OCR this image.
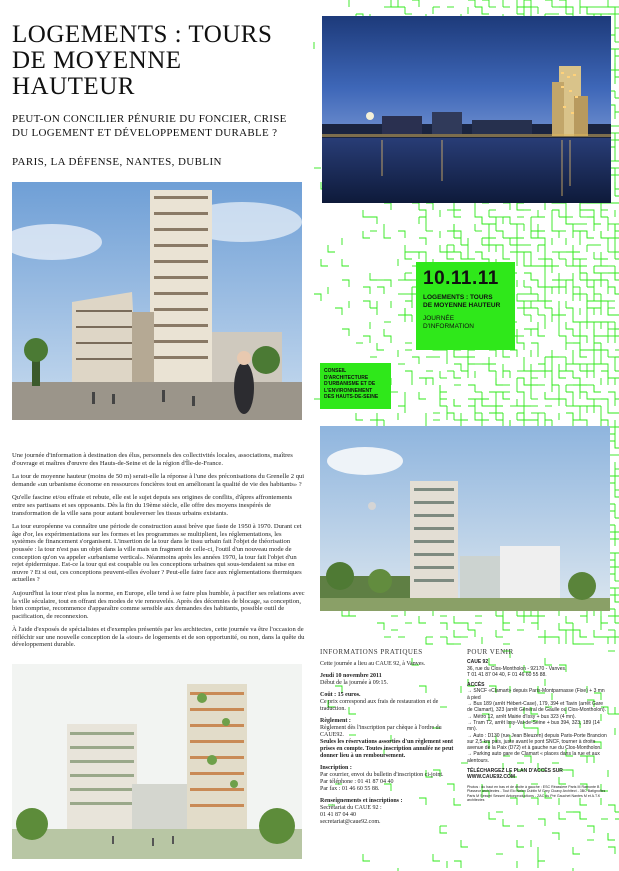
LOGEMENTS : TOURS
DE MOYENNE
HAUTEUR
PEUT-ON CONCILIER PÉNURIE DU FONCIER, CRISE
DU LOGEMENT ET DÉVELOPPEMENT DURABLE ?
PARIS, LA DÉFENSE, NANTES, DUBLIN
10.11.11
LOGEMENTS : TOURS
DE MOYENNE HAUTEUR
JOURNÉE
D'INFORMATION
CONSEIL D'ARCHITECTURE
D'URBANISME ET DE
L'ENVIRONNEMENT
DES HAUTS-DE-SEINE

Une journée d'information à destination des élus, personnels des collectivités locales, associations, maîtres d'ouvrage et maîtres d'œuvre des Hauts-de-Seine et de la région d'Île-de-France.

La tour de moyenne hauteur (moins de 50 m) serait-elle la réponse à l'une des préconisations du Grenelle 2 qui demande «un urbanisme économe en ressources foncières tout en améliorant la qualité de vie des habitants» ?

Qu'elle fascine et/ou effraie et rebute, elle est le sujet depuis ses origines de conflits, d'âpres affrontements entre ses partisans et ses opposants. Dès la fin du 19ème siècle, elle offre des moyens inespérés de transformation de la ville sans pour autant bouleverser les tissus urbains existants.

La tour européenne va connaître une période de construction aussi brève que faste de 1950 à 1970. Durant cet âge d'or, les expérimentations sur les formes et les programmes se multiplient, les réglementations, les systèmes de financement s'organisent. L'insertion de la tour dans le tissu urbain fait l'objet de théorisation poussée : la tour n'est pas un objet dans la ville mais un fragment de celle-ci, l'outil d'un nouveau mode de conception qu'on va appeler «urbanisme vertical». Néanmoins après les années 1970, la tour fait l'objet d'un rejet épidermique. Est-ce la tour qui est coupable ou les conceptions urbaines qui sous-tendaient sa mise en œuvre ? Et si oui, ces conceptions peuvent-elles évoluer ? Peut-elle faire face aux réglementations thermiques actuelles ?

Aujourd'hui la tour n'est plus la norme, en Europe, elle tend à se faire plus humble, à pacifier ses relations avec la ville séculaire, tout en offrant des modes de vie renouvelés. Après des décennies de blocage, sa conception, bien comprise, recommence d'apparaître comme sensible aux demandes des habitants, possible outil de pacification, de reconnexion.

À l'aide d'exposés de spécialistes et d'exemples présentés par les architectes, cette journée va être l'occasion de réfléchir sur une nouvelle conception de la «tour» de logements et de son opportunité, ou non, dans la quête du développement durable.

INFORMATIONS PRATIQUES

Cette journée a lieu au CAUE 92, à Vanves.

Jeudi 10 novembre 2011
Début de la journée à 09:15.

Coût : 15 euros.
Ce prix correspond aux frais de restauration et de traduction.

Règlement :
Règlement dès l'inscription par chèque à l'ordre du CAUE92.
Seules les réservations assorties d'un règlement sont prises en compte. Toutes inscription annulée ne peut donner lieu à un remboursement.

Inscription :
Par courrier, envoi du bulletin d'inscription ci-joint.
Par téléphone : 01 41 87 04 40
Par fax : 01 46 60 55 88.

Renseignements et inscriptions :
Secrétariat du CAUE 92 :
01 41 87 04 40
secretariat@caue92.com.

POUR VENIR

CAUE 92
36, rue du Clos-Montholon - 92170 - Vanves.
T 01 41 87 04 40, F 01 46 60 55 88.

ACCÈS
→ SNCF «Clamart» depuis Paris-Montparnasse (Fixe) + 3 mn à pied
→ Bus 189 (arrêt Hébert-Case), 179, 394 et Tavin (arrêt Gare de Clamart), 323 (arrêt Général de Gaulle ou Clos-Montholon).
→ Métro 12, arrêt Mairie d'Issy + bus 323 (4 mn).
→ Tram T2, arrêt Issy-Val-de-Seine + bus 394, 323, 189 (14 mn).
→ Auto : D130 (rue Jean Bleuzen) depuis Paris-Porte Brancion sur 2,5 km puis, juste avant le pont SNCF, tourner à droite avenue de la Paix (D72) et à gauche rue du Clos-Montholon.
→ Parking auto gare de Clamart « places dans la rue et aux alentours.

TÉLÉCHARGEZ LE PLAN D'ACCÈS SUR WWW.CAUE92.COM

Photos : du haut en bas et de droite à gauche : ESC Réassiere Paris M Ramonte B Plasseur architectes - Tout Elo Nelen Dublin M Grey Cloavy Architect - 3BC Batignolles Paris M Sesseri Sesseri Antonproductions - ZAC du Pré Gauchet Nantes M et A.T.K architectes
